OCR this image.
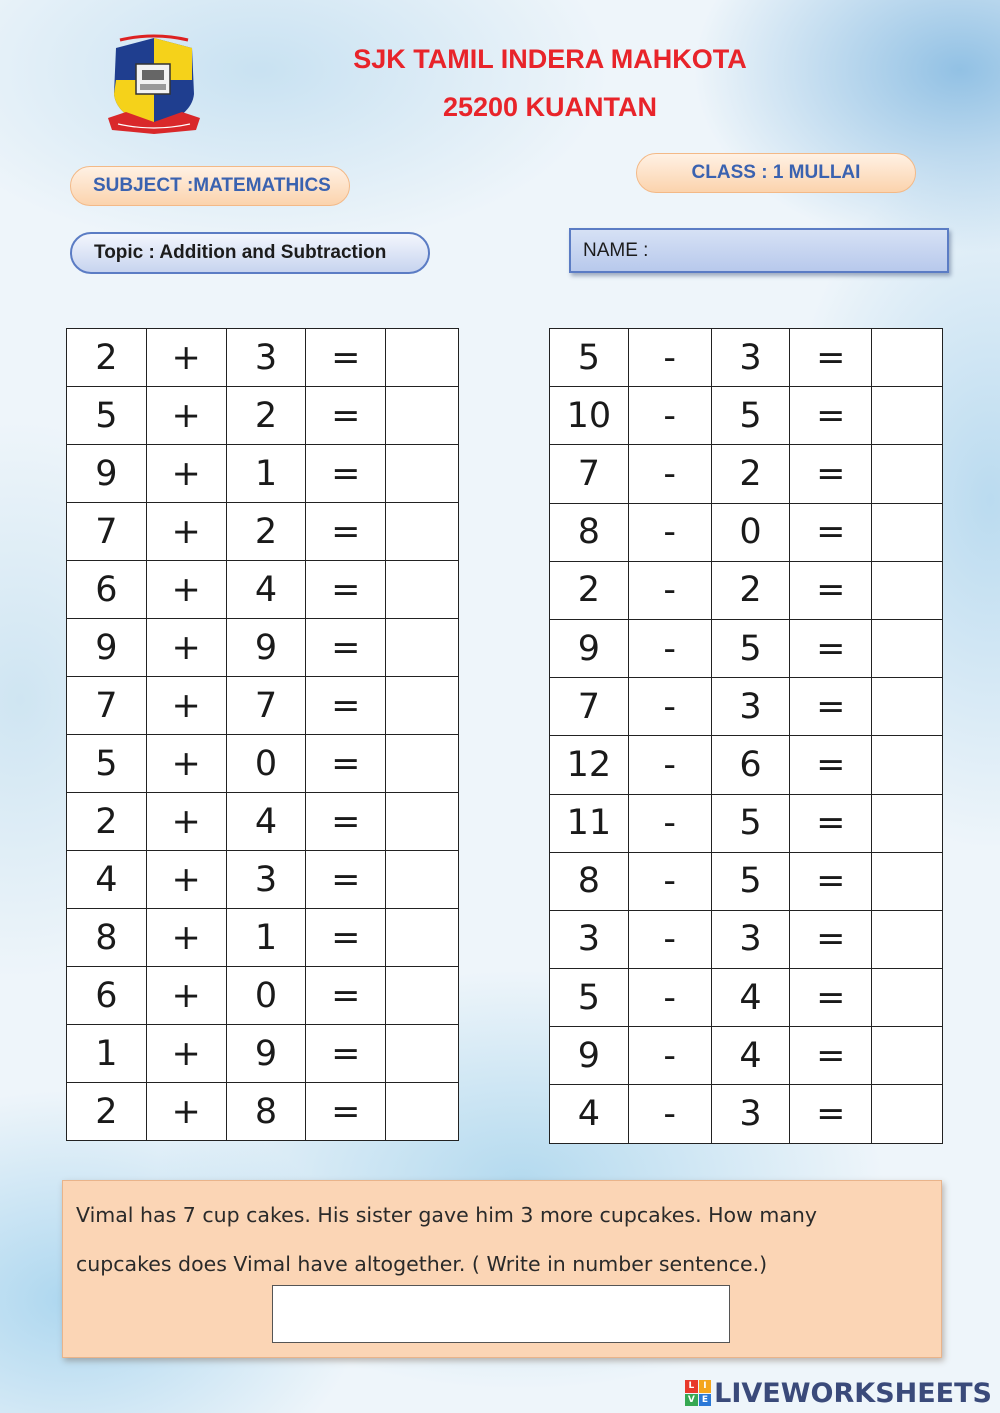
SJK TAMIL INDERA MAHKOTA
25200 KUANTAN
SUBJECT :MATEMATHICS
CLASS : 1 MULLAI
Topic : Addition and Subtraction	NAME :
2	+	3	=	
5	+	2	=	
9	+	1	=	
7	+	2	=	
6	+	4	=	
9	+	9	=	
7	+	7	=	
5	+	0	=	
2	+	4	=	
4	+	3	=	
8	+	1	=	
6	+	0	=	
1	+	9	=	
2	+	8	=	
5	-	3	=	
10	-	5	=	
7	-	2	=	
8	-	0	=	
2	-	2	=	
9	-	5	=	
7	-	3	=	
12	-	6	=	
11	-	5	=	
8	-	5	=	
3	-	3	=	
5	-	4	=	
9	-	4	=	
4	-	3	=	
Vimal has 7 cup cakes. His sister gave him 3 more cupcakes. How many
cupcakes does Vimal have altogether. ( Write in number sentence.)
L I
V E LIVEWORKSHEETS
